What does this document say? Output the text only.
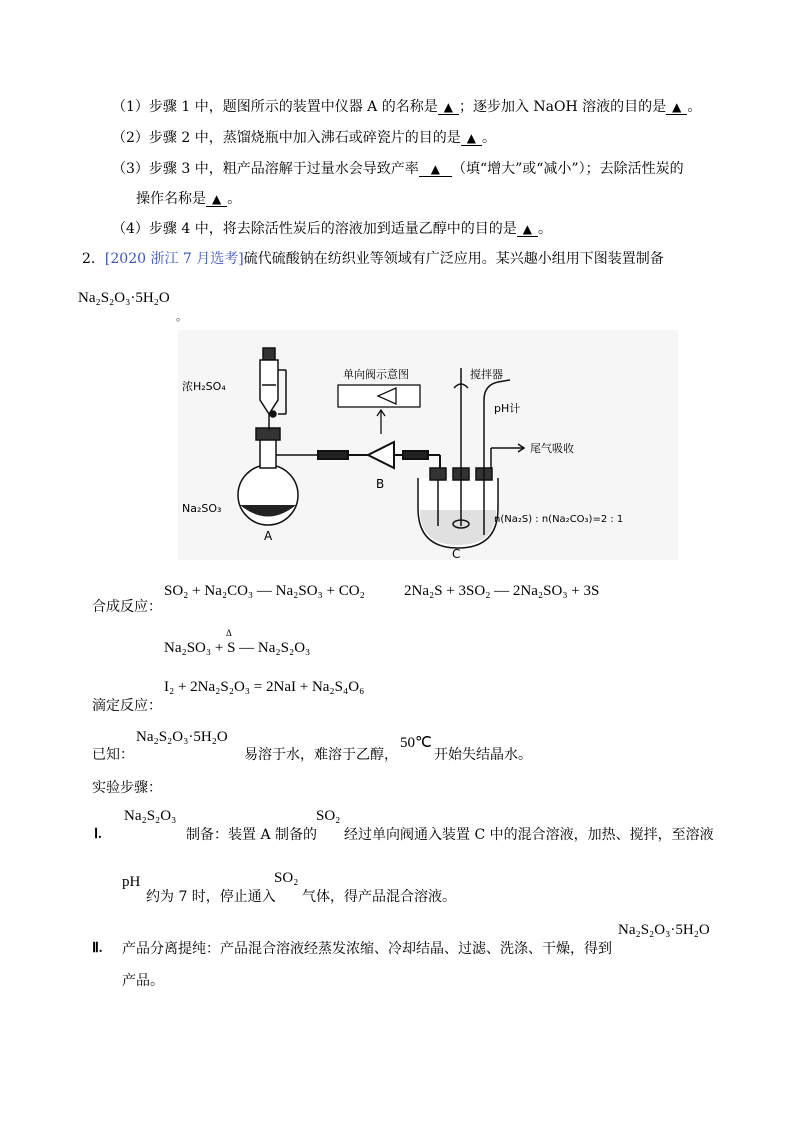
（1）步骤 1 中，题图所示的装置中仪器 A 的名称是 ▲ ；逐步加入 NaOH 溶液的目的是 ▲ 。
（2）步骤 2 中，蒸馏烧瓶中加入沸石或碎瓷片的目的是 ▲ 。
（3）步骤 3 中，粗产品溶解于过量水会导致产率 ▲ （填“增大”或“减小”）；去除活性炭的
操作名称是 ▲ 。
（4）步骤 4 中，将去除活性炭后的溶液加到适量乙醇中的目的是 ▲ 。
2．[2020 浙江 7 月选考]硫代硫酸钠在纺织业等领域有广泛应用。某兴趣小组用下图装置制备
Na₂S₂O₃·5H₂O
。
浓H₂SO₄
Na₂SO₃
A
B
C
单向阀示意图	搅拌器
pH计
尾气吸收
n(Na₂S) : n(Na₂CO₃)=2 : 1
合成反应：
SO₂ + Na₂CO₃ — Na₂SO₃ + CO₂	2Na₂S + 3SO₂ — 2Na₂SO₃ + 3S
Δ
Na₂SO₃ + S — Na₂S₂O₃
滴定反应：
I₂ + 2Na₂S₂O₃ = 2NaI + Na₂S₄O₆
已知：
Na₂S₂O₃·5H₂O
易溶于水，难溶于乙醇，
50℃
开始失结晶水。
实验步骤：
Ⅰ.
Na₂S₂O₃
制备：装置 A 制备的
SO₂
经过单向阀通入装置 C 中的混合溶液，加热、搅拌，至溶液
pH
约为 7 时，停止通入
SO₂
气体，得产品混合溶液。
Ⅱ. 产品分离提纯：产品混合溶液经蒸发浓缩、冷却结晶、过滤、洗涤、干燥，得到
Na₂S₂O₃·5H₂O
产品。
